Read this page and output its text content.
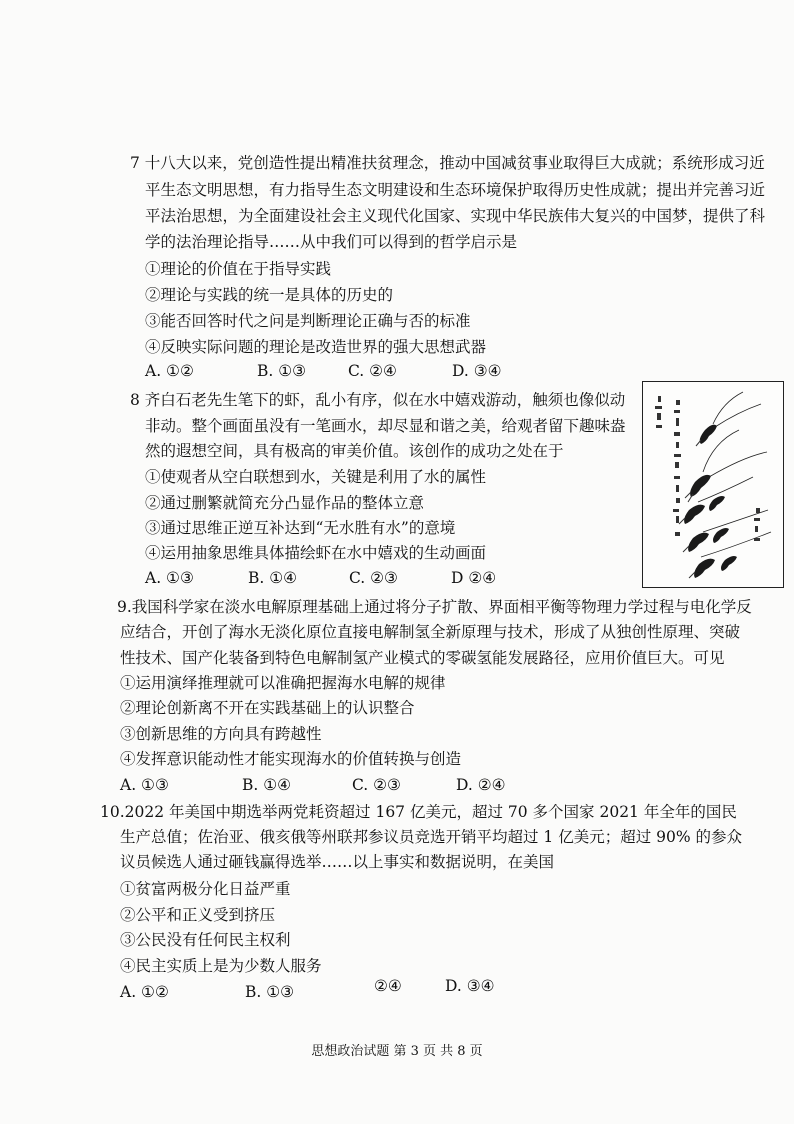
7 十八大以来，党创造性提出精准扶贫理念，推动中国减贫事业取得巨大成就；系统形成习近
平生态文明思想，有力指导生态文明建设和生态环境保护取得历史性成就；提出并完善习近
平法治思想，为全面建设社会主义现代化国家、实现中华民族伟大复兴的中国梦，提供了科
学的法治理论指导……从中我们可以得到的哲学启示是
①理论的价值在于指导实践
②理论与实践的统一是具体的历史的
③能否回答时代之问是判断理论正确与否的标准
④反映实际问题的理论是改造世界的强大思想武器
A. ①②	B. ①③	C. ②④	D. ③④
8 齐白石老先生笔下的虾，乱小有序，似在水中嬉戏游动，触须也像似动
非动。整个画面虽没有一笔画水，却尽显和谐之美，给观者留下趣味盎
然的遐想空间，具有极高的审美价值。该创作的成功之处在于
①使观者从空白联想到水，关键是利用了水的属性
②通过删繁就简充分凸显作品的整体立意
③通过思维正逆互补达到“无水胜有水”的意境
④运用抽象思维具体描绘虾在水中嬉戏的生动画面
A. ①③	B. ①④	C. ②③	D ②④
9.我国科学家在淡水电解原理基础上通过将分子扩散、界面相平衡等物理力学过程与电化学反
应结合，开创了海水无淡化原位直接电解制氢全新原理与技术，形成了从独创性原理、突破
性技术、国产化装备到特色电解制氢产业模式的零碳氢能发展路径，应用价值巨大。可见
①运用演绎推理就可以准确把握海水电解的规律
②理论创新离不开在实践基础上的认识整合
③创新思维的方向具有跨越性
④发挥意识能动性才能实现海水的价值转换与创造
A. ①③	B. ①④	C. ②③	D. ②④
10.2022 年美国中期选举两党耗资超过 167 亿美元，超过 70 多个国家 2021 年全年的国民
生产总值；佐治亚、俄亥俄等州联邦参议员竞选开销平均超过 1 亿美元；超过 90% 的参众
议员候选人通过砸钱赢得选举……以上事实和数据说明，在美国
①贫富两极分化日益严重
②公平和正义受到挤压
③公民没有任何民主权利
④民主实质上是为少数人服务
A. ①②	B. ①③	②④	D. ③④
思想政治试题 第 3 页 共 8 页
